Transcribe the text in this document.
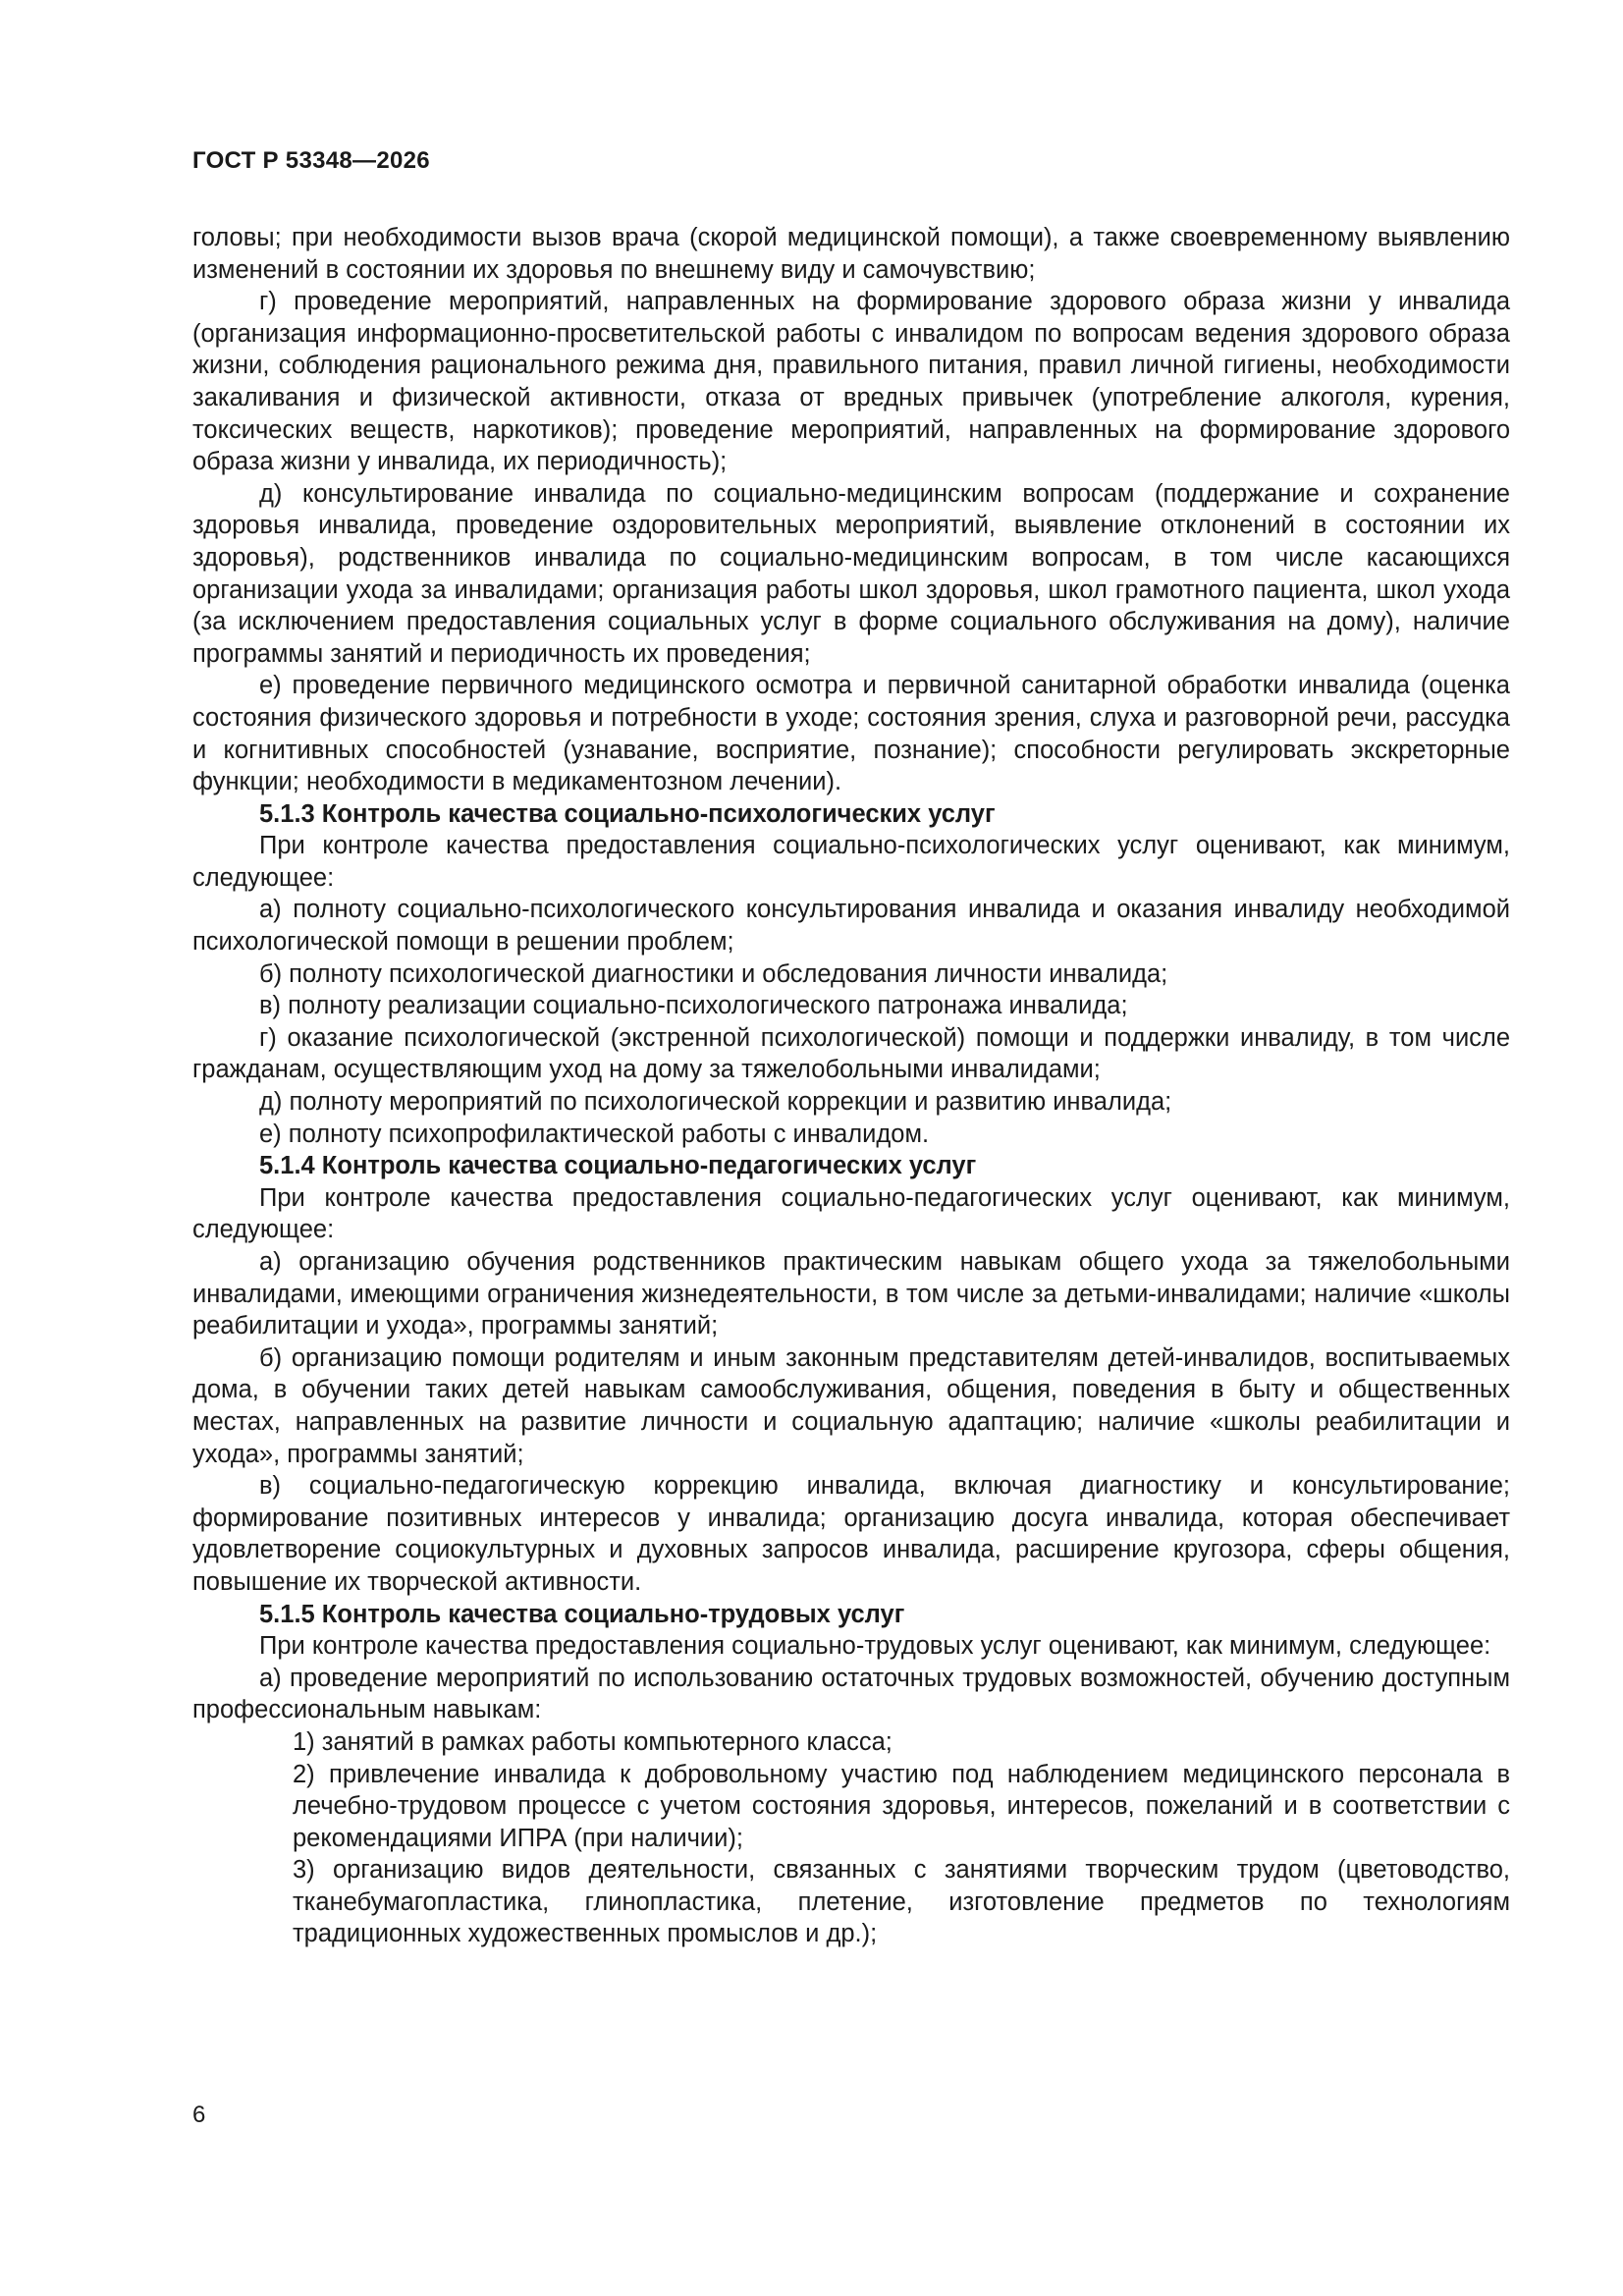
ГОСТ Р 53348—2026

головы; при необходимости вызов врача (скорой медицинской помощи), а также своевременному выявлению изменений в состоянии их здоровья по внешнему виду и самочувствию;

г) проведение мероприятий, направленных на формирование здорового образа жизни у инвалида (организация информационно-просветительской работы с инвалидом по вопросам ведения здорового образа жизни, соблюдения рационального режима дня, правильного питания, правил личной гигиены, необходимости закаливания и физической активности, отказа от вредных привычек (употребление алкоголя, курения, токсических веществ, наркотиков); проведение мероприятий, направленных на формирование здорового образа жизни у инвалида, их периодичность);

д) консультирование инвалида по социально-медицинским вопросам (поддержание и сохранение здоровья инвалида, проведение оздоровительных мероприятий, выявление отклонений в состоянии их здоровья), родственников инвалида по социально-медицинским вопросам, в том числе касающихся организации ухода за инвалидами; организация работы школ здоровья, школ грамотного пациента, школ ухода (за исключением предоставления социальных услуг в форме социального обслуживания на дому), наличие программы занятий и периодичность их проведения;

е) проведение первичного медицинского осмотра и первичной санитарной обработки инвалида (оценка состояния физического здоровья и потребности в уходе; состояния зрения, слуха и разговорной речи, рассудка и когнитивных способностей (узнавание, восприятие, познание); способности регулировать экскреторные функции; необходимости в медикаментозном лечении).

5.1.3 Контроль качества социально-психологических услуг

При контроле качества предоставления социально-психологических услуг оценивают, как минимум, следующее:

а) полноту социально-психологического консультирования инвалида и оказания инвалиду необходимой психологической помощи в решении проблем;

б) полноту психологической диагностики и обследования личности инвалида;

в) полноту реализации социально-психологического патронажа инвалида;

г) оказание психологической (экстренной психологической) помощи и поддержки инвалиду, в том числе гражданам, осуществляющим уход на дому за тяжелобольными инвалидами;

д) полноту мероприятий по психологической коррекции и развитию инвалида;

е) полноту психопрофилактической работы с инвалидом.

5.1.4 Контроль качества социально-педагогических услуг

При контроле качества предоставления социально-педагогических услуг оценивают, как минимум, следующее:

а) организацию обучения родственников практическим навыкам общего ухода за тяжелобольными инвалидами, имеющими ограничения жизнедеятельности, в том числе за детьми-инвалидами; наличие «школы реабилитации и ухода», программы занятий;

б) организацию помощи родителям и иным законным представителям детей-инвалидов, воспитываемых дома, в обучении таких детей навыкам самообслуживания, общения, поведения в быту и общественных местах, направленных на развитие личности и социальную адаптацию; наличие «школы реабилитации и ухода», программы занятий;

в) социально-педагогическую коррекцию инвалида, включая диагностику и консультирование; формирование позитивных интересов у инвалида; организацию досуга инвалида, которая обеспечивает удовлетворение социокультурных и духовных запросов инвалида, расширение кругозора, сферы общения, повышение их творческой активности.

5.1.5 Контроль качества социально-трудовых услуг

При контроле качества предоставления социально-трудовых услуг оценивают, как минимум, следующее:

а) проведение мероприятий по использованию остаточных трудовых возможностей, обучению доступным профессиональным навыкам:

1) занятий в рамках работы компьютерного класса;

2) привлечение инвалида к добровольному участию под наблюдением медицинского персонала в лечебно-трудовом процессе с учетом состояния здоровья, интересов, пожеланий и в соответствии с рекомендациями ИПРА (при наличии);

3) организацию видов деятельности, связанных с занятиями творческим трудом (цветоводство, тканебумагопластика, глинопластика, плетение, изготовление предметов по технологиям традиционных художественных промыслов и др.);

6
